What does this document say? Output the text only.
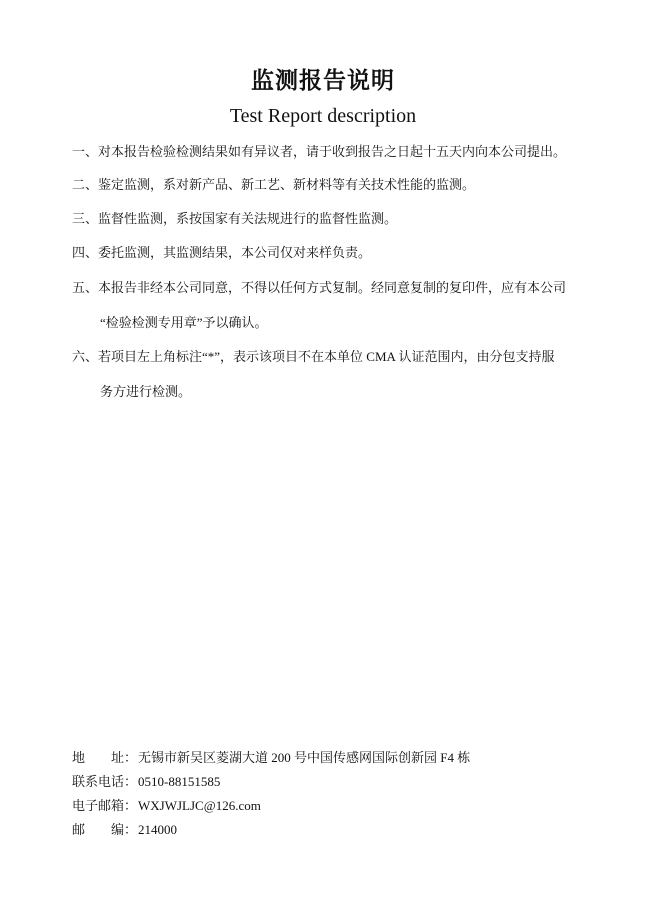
监测报告说明
Test Report description
一、对本报告检验检测结果如有异议者，请于收到报告之日起十五天内向本公司提出。
二、鉴定监测，系对新产品、新工艺、新材料等有关技术性能的监测。
三、监督性监测，系按国家有关法规进行的监督性监测。
四、委托监测，其监测结果，本公司仅对来样负责。
五、本报告非经本公司同意，不得以任何方式复制。经同意复制的复印件，应有本公司
“检验检测专用章”予以确认。
六、若项目左上角标注“*”，表示该项目不在本单位 CMA 认证范围内，由分包支持服
务方进行检测。
地　　址：无锡市新吴区菱湖大道 200 号中国传感网国际创新园 F4 栋
联系电话：0510-88151585
电子邮箱：WXJWJLJC@126.com
邮　　编：214000
